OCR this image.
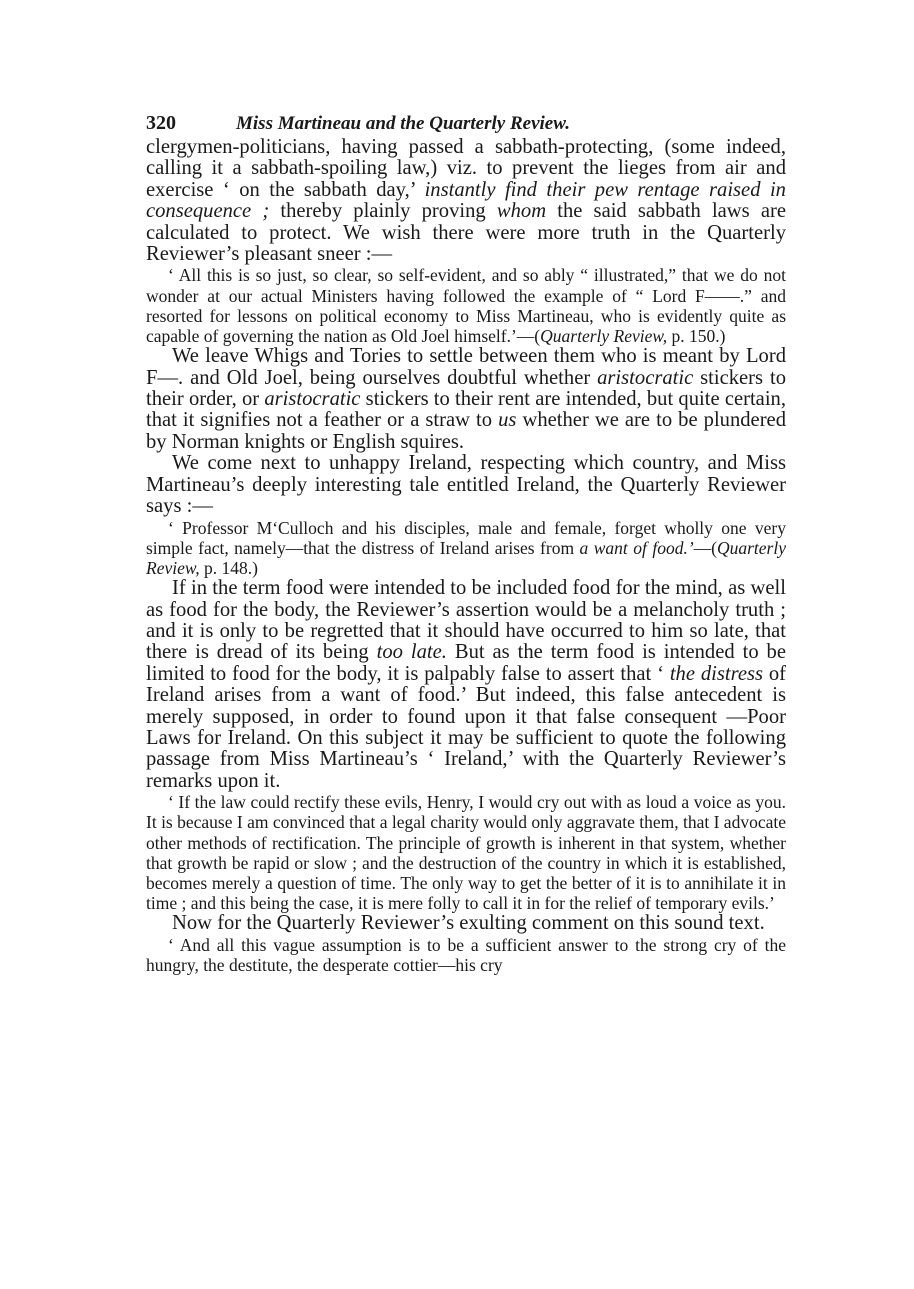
320	Miss Martineau and the Quarterly Review.

clergymen-politicians, having passed a sabbath-protecting, (some indeed, calling it a sabbath-spoiling law,) viz. to prevent the lieges from air and exercise ‘ on the sabbath day,’ instantly find their pew rentage raised in consequence ; thereby plainly proving whom the said sabbath laws are calculated to protect. We wish there were more truth in the Quarterly Reviewer’s pleasant sneer :—

‘ All this is so just, so clear, so self-evident, and so ably “ illustrated,” that we do not wonder at our actual Ministers having followed the example of “ Lord F——.” and resorted for lessons on political economy to Miss Martineau, who is evidently quite as capable of governing the nation as Old Joel himself.’—(Quarterly Review, p. 150.)

We leave Whigs and Tories to settle between them who is meant by Lord F—. and Old Joel, being ourselves doubtful whether aristocratic stickers to their order, or aristocratic stickers to their rent are intended, but quite certain, that it signifies not a feather or a straw to us whether we are to be plundered by Norman knights or English squires.

We come next to unhappy Ireland, respecting which country, and Miss Martineau’s deeply interesting tale entitled Ireland, the Quarterly Reviewer says :—

‘ Professor M‘Culloch and his disciples, male and female, forget wholly one very simple fact, namely—that the distress of Ireland arises from a want of food.’—(Quarterly Review, p. 148.)

If in the term food were intended to be included food for the mind, as well as food for the body, the Reviewer’s assertion would be a melancholy truth ; and it is only to be regretted that it should have occurred to him so late, that there is dread of its being too late. But as the term food is intended to be limited to food for the body, it is palpably false to assert that ‘ the distress of Ireland arises from a want of food.’ But indeed, this false antecedent is merely supposed, in order to found upon it that false consequent —Poor Laws for Ireland. On this subject it may be sufficient to quote the following passage from Miss Martineau’s ‘ Ireland,’ with the Quarterly Reviewer’s remarks upon it.

‘ If the law could rectify these evils, Henry, I would cry out with as loud a voice as you. It is because I am convinced that a legal charity would only aggravate them, that I advocate other methods of rectification. The principle of growth is inherent in that system, whether that growth be rapid or slow ; and the destruction of the country in which it is established, becomes merely a question of time. The only way to get the better of it is to annihilate it in time ; and this being the case, it is mere folly to call it in for the relief of temporary evils.’

Now for the Quarterly Reviewer’s exulting comment on this sound text.

‘ And all this vague assumption is to be a sufficient answer to the strong cry of the hungry, the destitute, the desperate cottier—his cry
